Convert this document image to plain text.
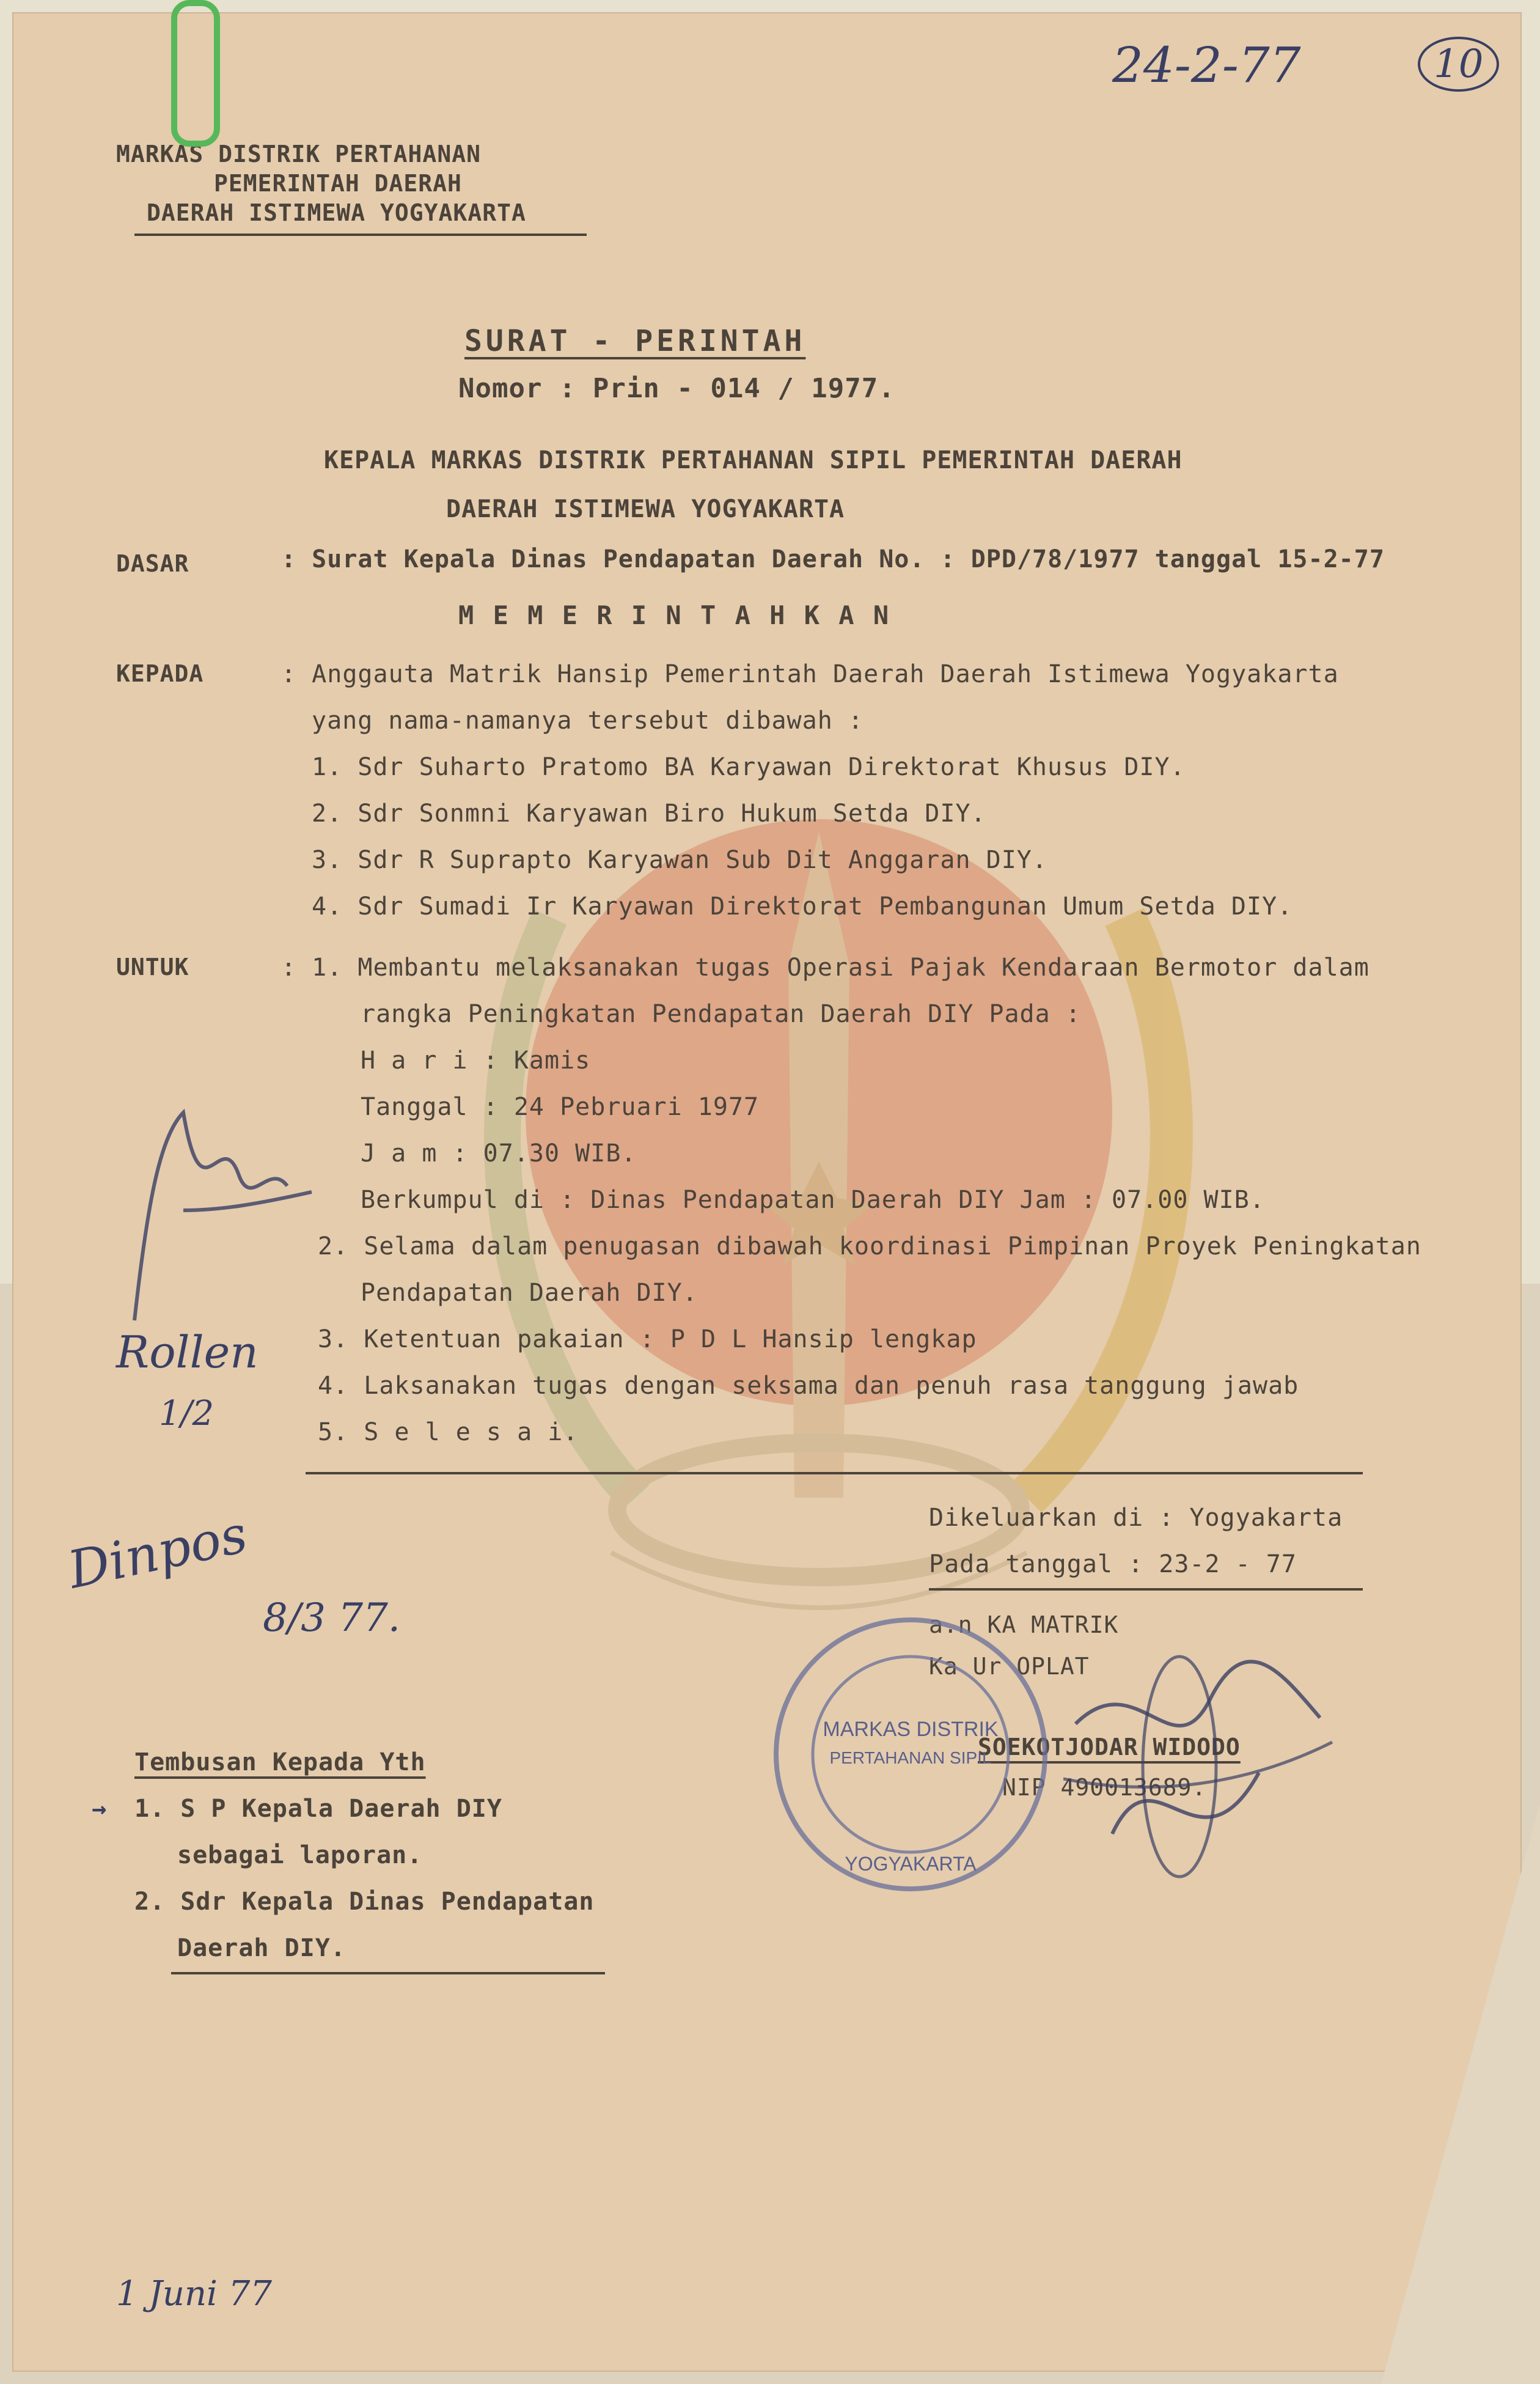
MARKAS DISTRIK PERTAHANAN
PEMERINTAH DAERAH
DAERAH ISTIMEWA YOGYAKARTA
SURAT - PERINTAH
Nomor : Prin - 014 / 1977.
KEPALA MARKAS DISTRIK PERTAHANAN SIPIL PEMERINTAH DAERAH
DAERAH ISTIMEWA YOGYAKARTA
DASAR	: Surat Kepala Dinas Pendapatan Daerah No. : DPD/78/1977 tanggal 15-2-77
M E M E R I N T A H K A N
KEPADA	: Anggauta Matrik Hansip Pemerintah Daerah Daerah Istimewa Yogyakarta
yang nama-namanya tersebut dibawah :
1. Sdr Suharto Pratomo BA Karyawan Direktorat Khusus DIY.
2. Sdr Sonmni Karyawan Biro Hukum Setda DIY.
3. Sdr R Suprapto Karyawan Sub Dit Anggaran DIY.
4. Sdr Sumadi Ir Karyawan Direktorat Pembangunan Umum Setda DIY.
UNTUK	: 1. Membantu melaksanakan tugas Operasi Pajak Kendaraan Bermotor dalam
rangka Peningkatan Pendapatan Daerah DIY Pada :
H a r i : Kamis
Tanggal : 24 Pebruari 1977
J a m : 07.30 WIB.
Berkumpul di : Dinas Pendapatan Daerah DIY Jam : 07.00 WIB.
2. Selama dalam penugasan dibawah koordinasi Pimpinan Proyek Peningkatan
Pendapatan Daerah DIY.
3. Ketentuan pakaian : P D L Hansip lengkap
4. Laksanakan tugas dengan seksama dan penuh rasa tanggung jawab
5. S e l e s a i.
Dikeluarkan di : Yogyakarta
Pada tanggal : 23-2 - 77
a.n KA MATRIK
Ka Ur OPLAT
SOEKOTJODAR WIDODO
NIP 490013689.
MARKAS DISTRIK
PERTAHANAN SIPIL
YOGYAKARTA
Tembusan Kepada Yth
→ 1. S P Kepala Daerah DIY
sebagai laporan.
2. Sdr Kepala Dinas Pendapatan
Daerah DIY.
24-2-77	10
Rollen
1/2
Dinpos
8/3 77.
1 Juni 77
